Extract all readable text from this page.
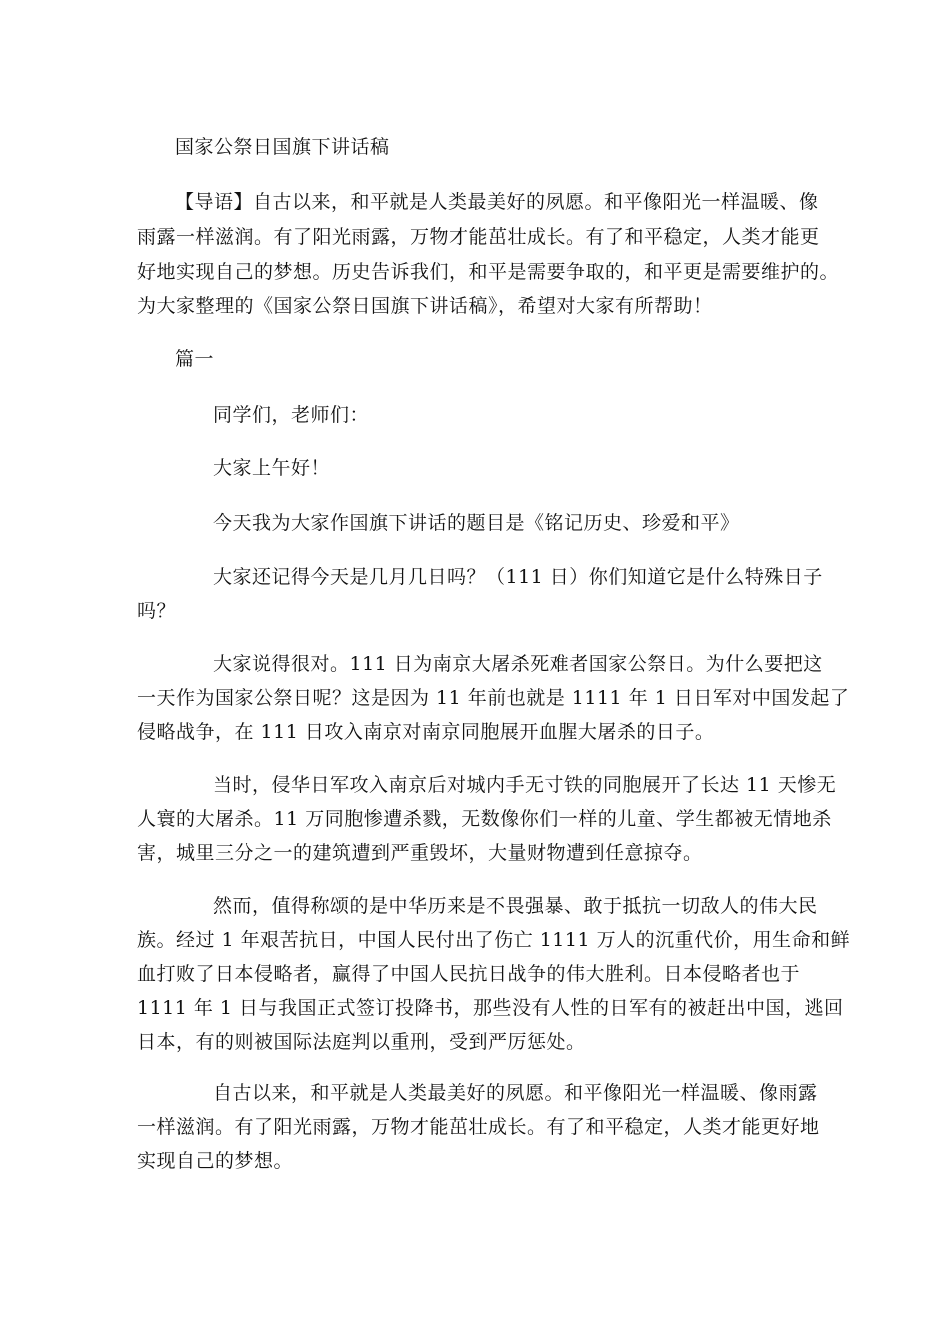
国家公祭日国旗下讲话稿
【导语】自古以来，和平就是人类最美好的夙愿。和平像阳光一样温暖、像
雨露一样滋润。有了阳光雨露，万物才能茁壮成长。有了和平稳定，人类才能更
好地实现自己的梦想。历史告诉我们，和平是需要争取的，和平更是需要维护的。
为大家整理的《国家公祭日国旗下讲话稿》，希望对大家有所帮助！
篇一
同学们，老师们：
大家上午好！
今天我为大家作国旗下讲话的题目是《铭记历史、珍爱和平》
大家还记得今天是几月几日吗？（111 日）你们知道它是什么特殊日子
吗？
大家说得很对。111 日为南京大屠杀死难者国家公祭日。为什么要把这
一天作为国家公祭日呢？这是因为 11 年前也就是 1111 年 1 日日军对中国发起了
侵略战争，在 111 日攻入南京对南京同胞展开血腥大屠杀的日子。
当时，侵华日军攻入南京后对城内手无寸铁的同胞展开了长达 11 天惨无
人寰的大屠杀。11 万同胞惨遭杀戮，无数像你们一样的儿童、学生都被无情地杀
害，城里三分之一的建筑遭到严重毁坏，大量财物遭到任意掠夺。
然而，值得称颂的是中华历来是不畏强暴、敢于抵抗一切敌人的伟大民
族。经过 1 年艰苦抗日，中国人民付出了伤亡 1111 万人的沉重代价，用生命和鲜
血打败了日本侵略者，赢得了中国人民抗日战争的伟大胜利。日本侵略者也于
1111 年 1 日与我国正式签订投降书，那些没有人性的日军有的被赶出中国，逃回
日本，有的则被国际法庭判以重刑，受到严厉惩处。
自古以来，和平就是人类最美好的夙愿。和平像阳光一样温暖、像雨露
一样滋润。有了阳光雨露，万物才能茁壮成长。有了和平稳定，人类才能更好地
实现自己的梦想。
